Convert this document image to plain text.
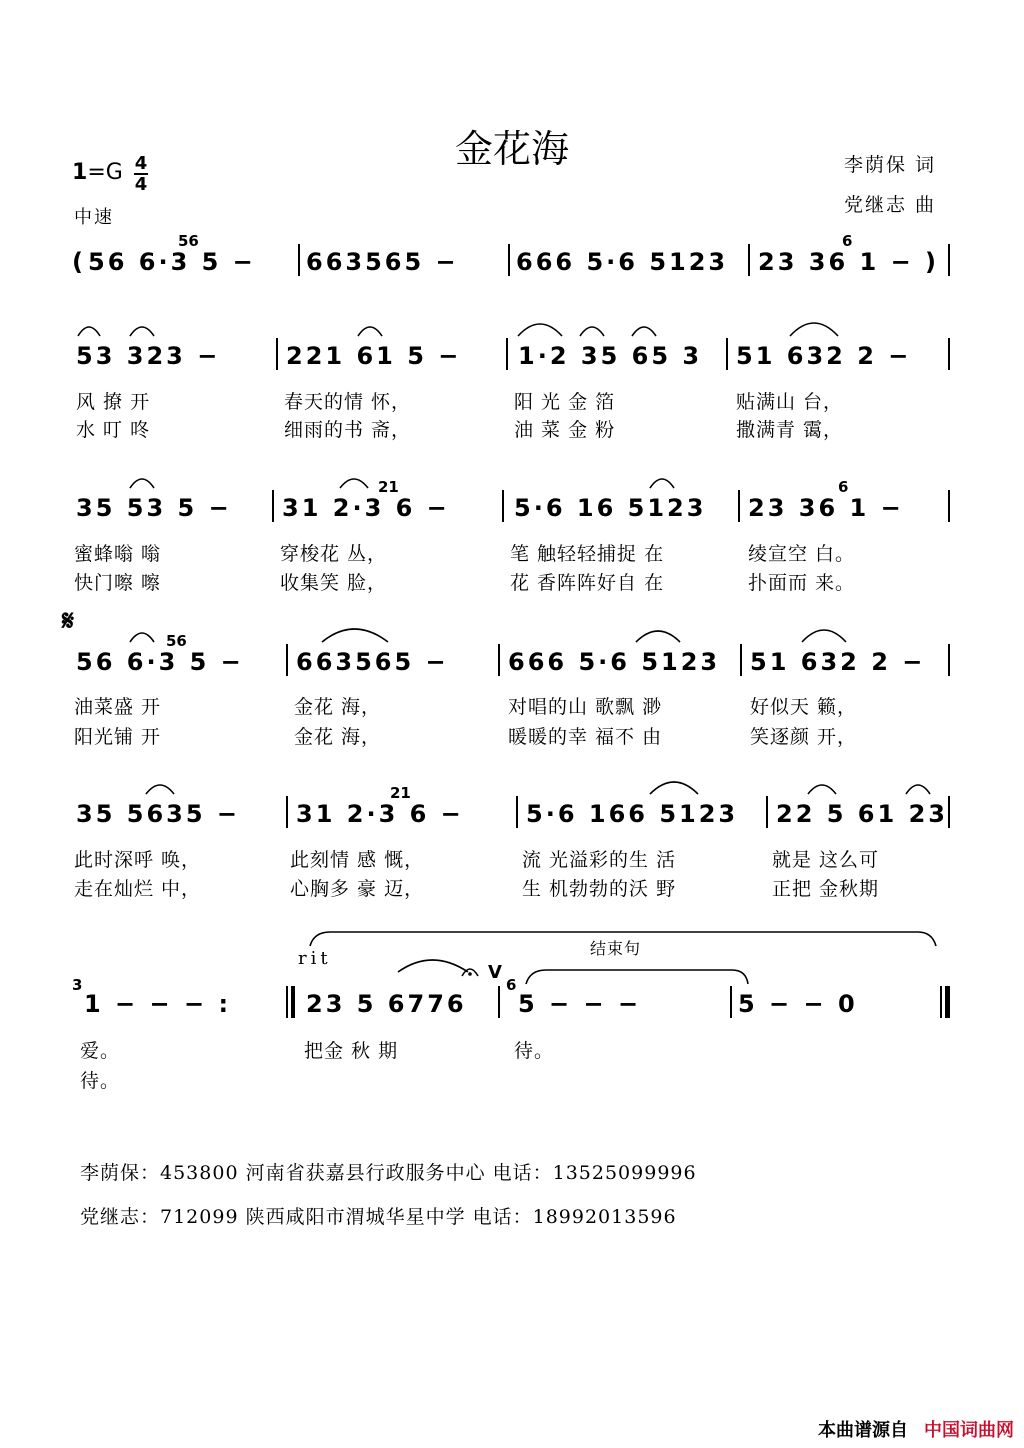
金花海	李荫保 词
党继志 曲
1=G 4
4
中速
( 56 6·3 5 − 663565 − 666 5·6 5123 23 36 1 − )
53 323 −	221 61 5 − 1·2 35 65 3 51 632 2 −
风 撩 开	春天的情 怀，	阳 光 金 箔	贴满山 台，
水 叮 咚	细雨的书 斋，	油 菜 金 粉	撒满青 霭，
35 53 5 − 31 2·3 6 −	5·6 16 5123 23 36 1 −
蜜蜂嗡 嗡	穿梭花 丛，	笔 触轻轻捕捉 在	绫宣空 白。
快门嚓 嚓	收集笑 脸，	花 香阵阵好自 在	扑面而 来。
𝄋
56 6·3 5 − 663565 − 666 5·6 5123 51 632 2 −
油菜盛 开	金花 海，	对唱的山 歌飘 渺	好似天 籁，
阳光铺 开	金花 海，	暖暖的幸 福不 由	笑逐颜 开，
35 5635 − 31 2·3 6 −	5·6 166 5123 22 5 61 23
此时深呼 唤，	此刻情 感 慨，	流 光溢彩的生 活	就是 这么可
走在灿烂 中，	心胸多 豪 迈，	生 机勃勃的沃 野	正把 金秋期
rit	结束句
V
1 − − − :	23 5 6776 5 − − −	5 − − 0
爱。	把金 秋 期	待。
待。
56	6
21	6
56
21
3	6
李荫保：453800 河南省获嘉县行政服务中心 电话：13525099996
党继志：712099 陕西咸阳市渭城华星中学 电话：18992013596
本曲谱源自 中国词曲网
